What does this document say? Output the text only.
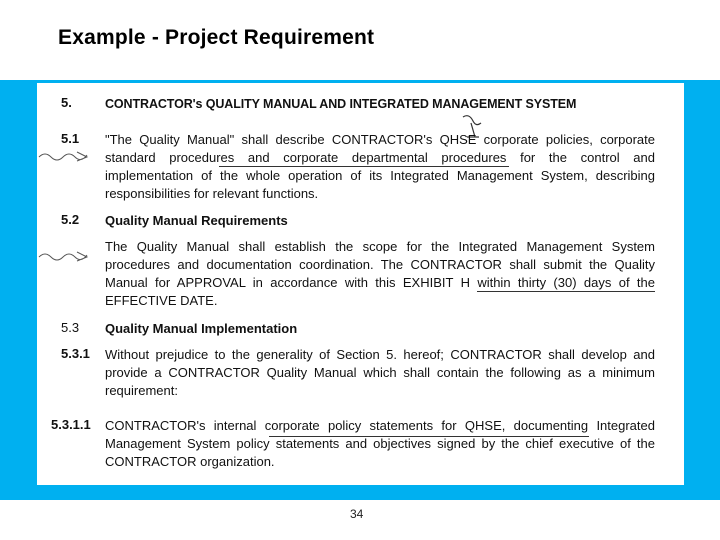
Example - Project Requirement
5.	CONTRACTOR's QUALITY MANUAL AND INTEGRATED MANAGEMENT SYSTEM
5.1 "The Quality Manual" shall describe CONTRACTOR's QHSE corporate policies, corporate standard procedures and corporate departmental procedures for the control and implementation of the whole operation of its Integrated Management System, describing responsibilities for relevant functions.
5.2 Quality Manual Requirements
The Quality Manual shall establish the scope for the Integrated Management System procedures and documentation coordination. The CONTRACTOR shall submit the Quality Manual for APPROVAL in accordance with this EXHIBIT H within thirty (30) days of the EFFECTIVE DATE.
5.3 Quality Manual Implementation
5.3.1 Without prejudice to the generality of Section 5. hereof; CONTRACTOR shall develop and provide a CONTRACTOR Quality Manual which shall contain the following as a minimum requirement:
5.3.1.1 CONTRACTOR's internal corporate policy statements for QHSE, documenting Integrated Management System policy statements and objectives signed by the chief executive of the CONTRACTOR organization.
34
